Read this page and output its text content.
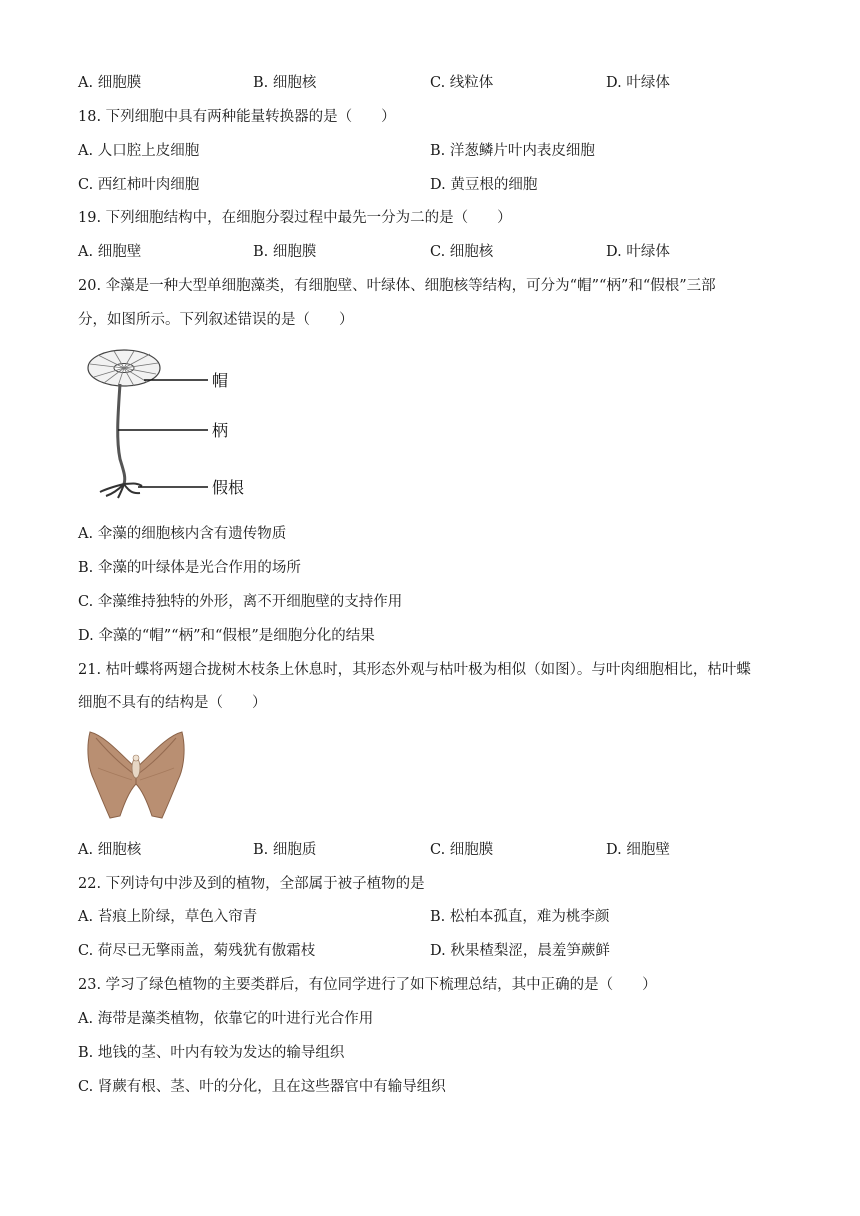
A. 细胞膜	B. 细胞核	C. 线粒体	D. 叶绿体
18. 下列细胞中具有两种能量转换器的是（　　）
A. 人口腔上皮细胞	B. 洋葱鳞片叶内表皮细胞
C. 西红柿叶肉细胞	D. 黄豆根的细胞
19. 下列细胞结构中，在细胞分裂过程中最先一分为二的是（　　）
A. 细胞壁	B. 细胞膜	C. 细胞核	D. 叶绿体
20. 伞藻是一种大型单细胞藻类，有细胞壁、叶绿体、细胞核等结构，可分为“帽”“柄”和“假根”三部
分，如图所示。下列叙述错误的是（　　）
帽
柄
假根
A. 伞藻的细胞核内含有遗传物质
B. 伞藻的叶绿体是光合作用的场所
C. 伞藻维持独特的外形，离不开细胞壁的支持作用
D. 伞藻的“帽”“柄”和“假根”是细胞分化的结果
21. 枯叶蝶将两翅合拢树木枝条上休息时，其形态外观与枯叶极为相似（如图）。与叶肉细胞相比，枯叶蝶
细胞不具有的结构是（　　）
A. 细胞核	B. 细胞质	C. 细胞膜	D. 细胞壁
22. 下列诗句中涉及到的植物，全部属于被子植物的是
A. 苔痕上阶绿，草色入帘青	B. 松柏本孤直，难为桃李颜
C. 荷尽已无擎雨盖，菊残犹有傲霜枝	D. 秋果楂梨涩，晨羞笋蕨鲜
23. 学习了绿色植物的主要类群后，有位同学进行了如下梳理总结，其中正确的是（　　）
A. 海带是藻类植物，依靠它的叶进行光合作用
B. 地钱的茎、叶内有较为发达的输导组织
C. 肾蕨有根、茎、叶的分化，且在这些器官中有输导组织
